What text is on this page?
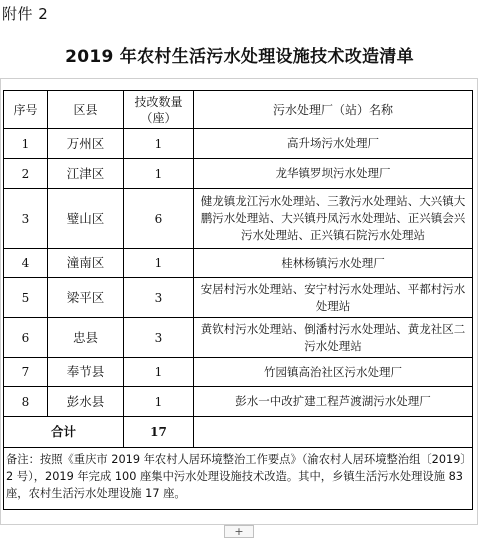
附件 2
2019 年农村生活污水处理设施技术改造清单
序号	区县	技改数量（座）	污水处理厂（站）名称
1	万州区	1	高升场污水处理厂
2	江津区	1	龙华镇罗坝污水处理厂
3	璧山区	6	健龙镇龙江污水处理站、三教污水处理站、大兴镇大鹏污水处理站、大兴镇丹凤污水处理站、正兴镇会兴污水处理站、正兴镇石院污水处理站
4	潼南区	1	桂林杨镇污水处理厂
5	梁平区	3	安居村污水处理站、安宁村污水处理站、平都村污水处理站
6	忠县	3	黄钦村污水处理站、倒潘村污水处理站、黄龙社区二污水处理站
7	奉节县	1	竹园镇高治社区污水处理厂
8	彭水县	1	彭水一中改扩建工程芦渡湖污水处理厂
合计		17	
备注：按照《重庆市 2019 年农村人居环境整治工作要点》（渝农村人居环境整治组〔2019〕2 号），2019 年完成 100 座集中污水处理设施技术改造。其中，乡镇生活污水处理设施 83 座，农村生活污水处理设施 17 座。			
+
